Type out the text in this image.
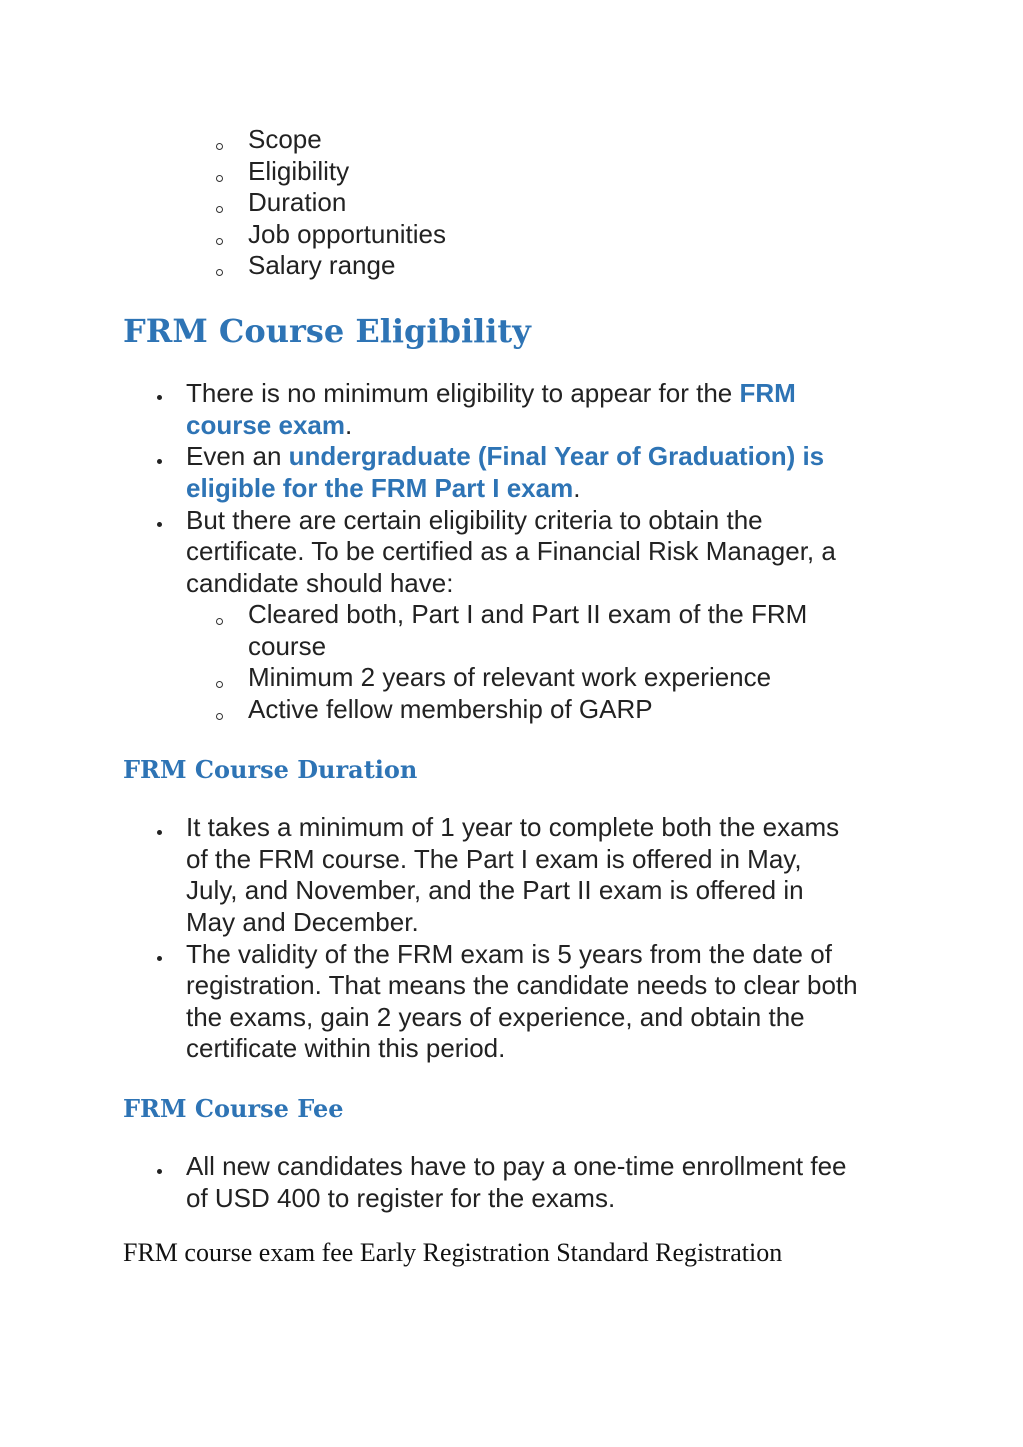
Scope
Eligibility
Duration
Job opportunities
Salary range
FRM Course Eligibility
There is no minimum eligibility to appear for the FRM
course exam.
Even an undergraduate (Final Year of Graduation) is
eligible for the FRM Part I exam.
But there are certain eligibility criteria to obtain the
certificate. To be certified as a Financial Risk Manager, a
candidate should have:
Cleared both, Part I and Part II exam of the FRM
course
Minimum 2 years of relevant work experience
Active fellow membership of GARP
FRM Course Duration
It takes a minimum of 1 year to complete both the exams
of the FRM course. The Part I exam is offered in May,
July, and November, and the Part II exam is offered in
May and December.
The validity of the FRM exam is 5 years from the date of
registration. That means the candidate needs to clear both
the exams, gain 2 years of experience, and obtain the
certificate within this period.
FRM Course Fee
All new candidates have to pay a one-time enrollment fee
of USD 400 to register for the exams.
FRM course exam fee Early Registration Standard Registration
